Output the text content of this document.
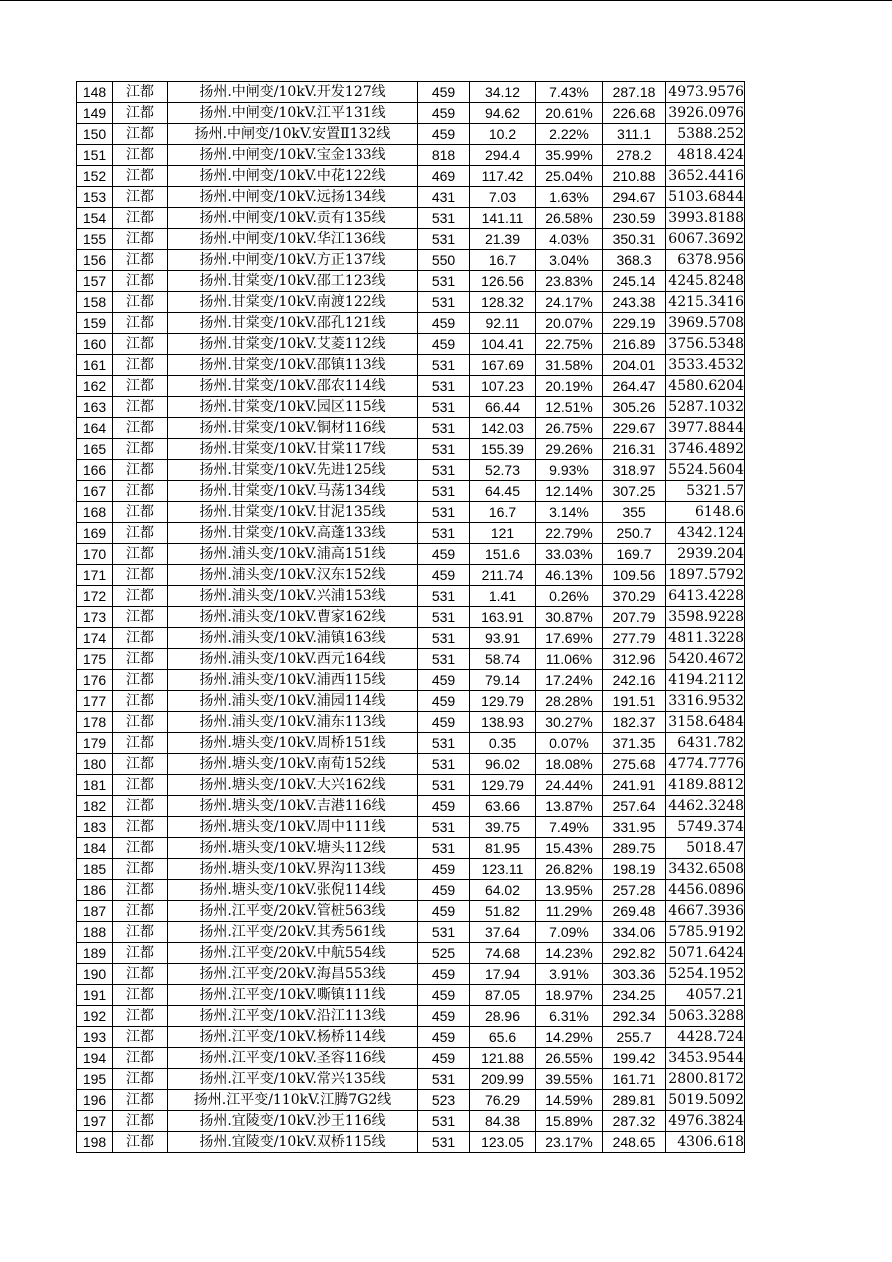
148	江都	扬州.中闸变/10kV.开发127线	459	34.12	7.43%	287.18	4973.9576
149	江都	扬州.中闸变/10kV.江平131线	459	94.62	20.61%	226.68	3926.0976
150	江都	扬州.中闸变/10kV.安置Ⅱ132线	459	10.2	2.22%	311.1	5388.252
151	江都	扬州.中闸变/10kV.宝金133线	818	294.4	35.99%	278.2	4818.424
152	江都	扬州.中闸变/10kV.中花122线	469	117.42	25.04%	210.88	3652.4416
153	江都	扬州.中闸变/10kV.远扬134线	431	7.03	1.63%	294.67	5103.6844
154	江都	扬州.中闸变/10kV.贡有135线	531	141.11	26.58%	230.59	3993.8188
155	江都	扬州.中闸变/10kV.华江136线	531	21.39	4.03%	350.31	6067.3692
156	江都	扬州.中闸变/10kV.方正137线	550	16.7	3.04%	368.3	6378.956
157	江都	扬州.甘棠变/10kV.邵工123线	531	126.56	23.83%	245.14	4245.8248
158	江都	扬州.甘棠变/10kV.南渡122线	531	128.32	24.17%	243.38	4215.3416
159	江都	扬州.甘棠变/10kV.邵孔121线	459	92.11	20.07%	229.19	3969.5708
160	江都	扬州.甘棠变/10kV.艾菱112线	459	104.41	22.75%	216.89	3756.5348
161	江都	扬州.甘棠变/10kV.邵镇113线	531	167.69	31.58%	204.01	3533.4532
162	江都	扬州.甘棠变/10kV.邵农114线	531	107.23	20.19%	264.47	4580.6204
163	江都	扬州.甘棠变/10kV.园区115线	531	66.44	12.51%	305.26	5287.1032
164	江都	扬州.甘棠变/10kV.铜材116线	531	142.03	26.75%	229.67	3977.8844
165	江都	扬州.甘棠变/10kV.甘棠117线	531	155.39	29.26%	216.31	3746.4892
166	江都	扬州.甘棠变/10kV.先进125线	531	52.73	9.93%	318.97	5524.5604
167	江都	扬州.甘棠变/10kV.马荡134线	531	64.45	12.14%	307.25	5321.57
168	江都	扬州.甘棠变/10kV.甘泥135线	531	16.7	3.14%	355	6148.6
169	江都	扬州.甘棠变/10kV.高蓬133线	531	121	22.79%	250.7	4342.124
170	江都	扬州.浦头变/10kV.浦高151线	459	151.6	33.03%	169.7	2939.204
171	江都	扬州.浦头变/10kV.汉东152线	459	211.74	46.13%	109.56	1897.5792
172	江都	扬州.浦头变/10kV.兴浦153线	531	1.41	0.26%	370.29	6413.4228
173	江都	扬州.浦头变/10kV.曹家162线	531	163.91	30.87%	207.79	3598.9228
174	江都	扬州.浦头变/10kV.浦镇163线	531	93.91	17.69%	277.79	4811.3228
175	江都	扬州.浦头变/10kV.西元164线	531	58.74	11.06%	312.96	5420.4672
176	江都	扬州.浦头变/10kV.浦西115线	459	79.14	17.24%	242.16	4194.2112
177	江都	扬州.浦头变/10kV.浦园114线	459	129.79	28.28%	191.51	3316.9532
178	江都	扬州.浦头变/10kV.浦东113线	459	138.93	30.27%	182.37	3158.6484
179	江都	扬州.塘头变/10kV.周桥151线	531	0.35	0.07%	371.35	6431.782
180	江都	扬州.塘头变/10kV.南荀152线	531	96.02	18.08%	275.68	4774.7776
181	江都	扬州.塘头变/10kV.大兴162线	531	129.79	24.44%	241.91	4189.8812
182	江都	扬州.塘头变/10kV.吉港116线	459	63.66	13.87%	257.64	4462.3248
183	江都	扬州.塘头变/10kV.周中111线	531	39.75	7.49%	331.95	5749.374
184	江都	扬州.塘头变/10kV.塘头112线	531	81.95	15.43%	289.75	5018.47
185	江都	扬州.塘头变/10kV.界沟113线	459	123.11	26.82%	198.19	3432.6508
186	江都	扬州.塘头变/10kV.张倪114线	459	64.02	13.95%	257.28	4456.0896
187	江都	扬州.江平变/20kV.管桩563线	459	51.82	11.29%	269.48	4667.3936
188	江都	扬州.江平变/20kV.其秀561线	531	37.64	7.09%	334.06	5785.9192
189	江都	扬州.江平变/20kV.中航554线	525	74.68	14.23%	292.82	5071.6424
190	江都	扬州.江平变/20kV.海昌553线	459	17.94	3.91%	303.36	5254.1952
191	江都	扬州.江平变/10kV.嘶镇111线	459	87.05	18.97%	234.25	4057.21
192	江都	扬州.江平变/10kV.沿江113线	459	28.96	6.31%	292.34	5063.3288
193	江都	扬州.江平变/10kV.杨桥114线	459	65.6	14.29%	255.7	4428.724
194	江都	扬州.江平变/10kV.圣容116线	459	121.88	26.55%	199.42	3453.9544
195	江都	扬州.江平变/10kV.常兴135线	531	209.99	39.55%	161.71	2800.8172
196	江都	扬州.江平变/110kV.江腾7G2线	523	76.29	14.59%	289.81	5019.5092
197	江都	扬州.宜陵变/10kV.沙王116线	531	84.38	15.89%	287.32	4976.3824
198	江都	扬州.宜陵变/10kV.双桥115线	531	123.05	23.17%	248.65	4306.618
